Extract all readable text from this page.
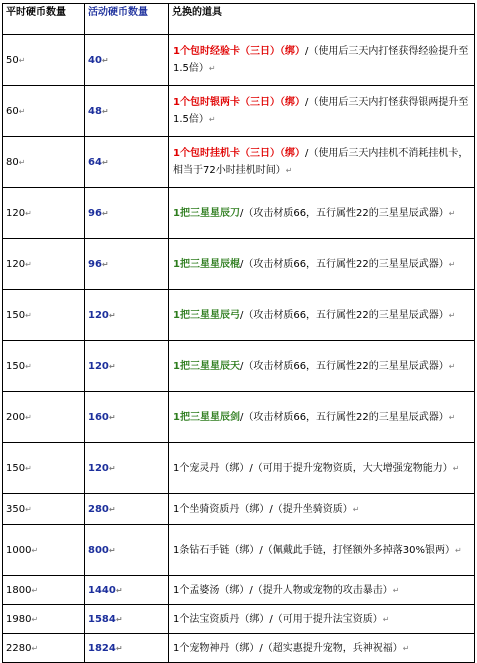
平时硬币数量	活动硬币数量	兑换的道具
50↵	40↵	1个包时经验卡（三日）（绑）/（使用后三天内打怪获得经验提升至1.5倍）↵
60↵	48↵	1个包时银两卡（三日）（绑）/（使用后三天内打怪获得银两提升至1.5倍）↵
80↵	64↵	1个包时挂机卡（三日）（绑）/（使用后三天内挂机不消耗挂机卡，相当于72小时挂机时间）↵
120↵	96↵	1把三星星辰刀/（攻击材质66，五行属性22的三星星辰武器）↵
120↵	96↵	1把三星星辰棍/（攻击材质66，五行属性22的三星星辰武器）↵
150↵	120↵	1把三星星辰弓/（攻击材质66，五行属性22的三星星辰武器）↵
150↵	120↵	1把三星星辰天/（攻击材质66，五行属性22的三星星辰武器）↵
200↵	160↵	1把三星星辰剑/（攻击材质66，五行属性22的三星星辰武器）↵
150↵	120↵	1个宠灵丹（绑）/（可用于提升宠物资质，大大增强宠物能力）↵
350↵	280↵	1个坐骑资质丹（绑）/（提升坐骑资质）↵
1000↵	800↵	1条钻石手链（绑）/（佩戴此手链，打怪额外多掉落30%银两）↵
1800↵	1440↵	1个孟婆汤（绑）/（提升人物或宠物的攻击暴击）↵
1980↵	1584↵	1个法宝资质丹（绑）/（可用于提升法宝资质）↵
2280↵	1824↵	1个宠物神丹（绑）/（超实惠提升宠物，兵神祝福）↵
